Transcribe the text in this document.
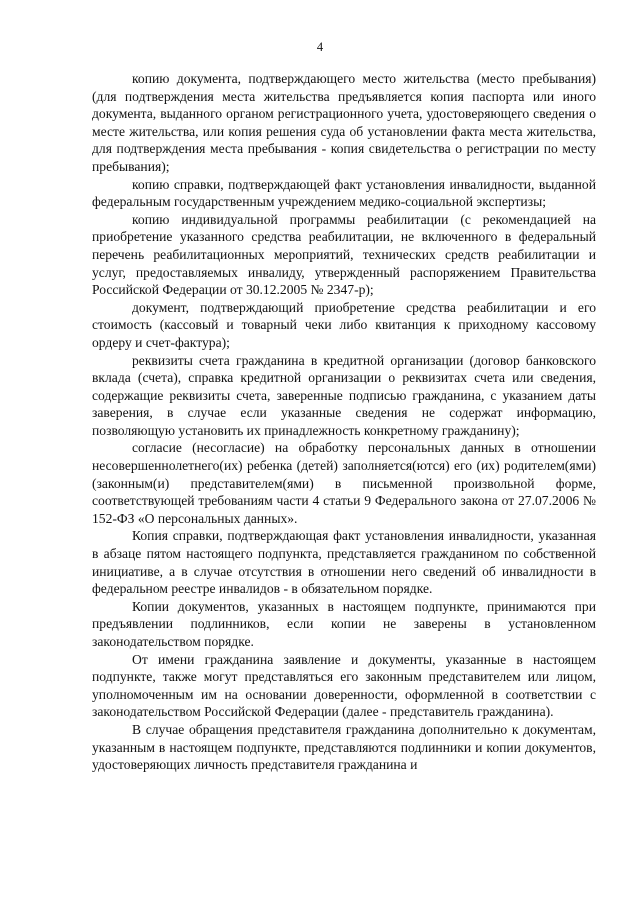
4

копию документа, подтверждающего место жительства (место пребывания) (для подтверждения места жительства предъявляется копия паспорта или иного документа, выданного органом регистрационного учета, удостоверяющего сведения о месте жительства, или копия решения суда об установлении факта места жительства, для подтверждения места пребывания - копия свидетельства о регистрации по месту пребывания);

копию справки, подтверждающей факт установления инвалидности, выданной федеральным государственным учреждением медико-социальной экспертизы;

копию индивидуальной программы реабилитации (с рекомендацией на приобретение указанного средства реабилитации, не включенного в федеральный перечень реабилитационных мероприятий, технических средств реабилитации и услуг, предоставляемых инвалиду, утвержденный распоряжением Правительства Российской Федерации от 30.12.2005 № 2347-р);

документ, подтверждающий приобретение средства реабилитации и его стоимость (кассовый и товарный чеки либо квитанция к приходному кассовому ордеру и счет-фактура);

реквизиты счета гражданина в кредитной организации (договор банковского вклада (счета), справка кредитной организации о реквизитах счета или сведения, содержащие реквизиты счета, заверенные подписью гражданина, с указанием даты заверения, в случае если указанные сведения не содержат информацию, позволяющую установить их принадлежность конкретному гражданину);

согласие (несогласие) на обработку персональных данных в отношении несовершеннолетнего(их) ребенка (детей) заполняется(ются) его (их) родителем(ями) (законным(и) представителем(ями) в письменной произвольной форме, соответствующей требованиям части 4 статьи 9 Федерального закона от 27.07.2006 № 152-ФЗ «О персональных данных».

Копия справки, подтверждающая факт установления инвалидности, указанная в абзаце пятом настоящего подпункта, представляется гражданином по собственной инициативе, а в случае отсутствия в отношении него сведений об инвалидности в федеральном реестре инвалидов - в обязательном порядке.

Копии документов, указанных в настоящем подпункте, принимаются при предъявлении подлинников, если копии не заверены в установленном законодательством порядке.

От имени гражданина заявление и документы, указанные в настоящем подпункте, также могут представляться его законным представителем или лицом, уполномоченным им на основании доверенности, оформленной в соответствии с законодательством Российской Федерации (далее - представитель гражданина).

В случае обращения представителя гражданина дополнительно к документам, указанным в настоящем подпункте, представляются подлинники и копии документов, удостоверяющих личность представителя гражданина и
